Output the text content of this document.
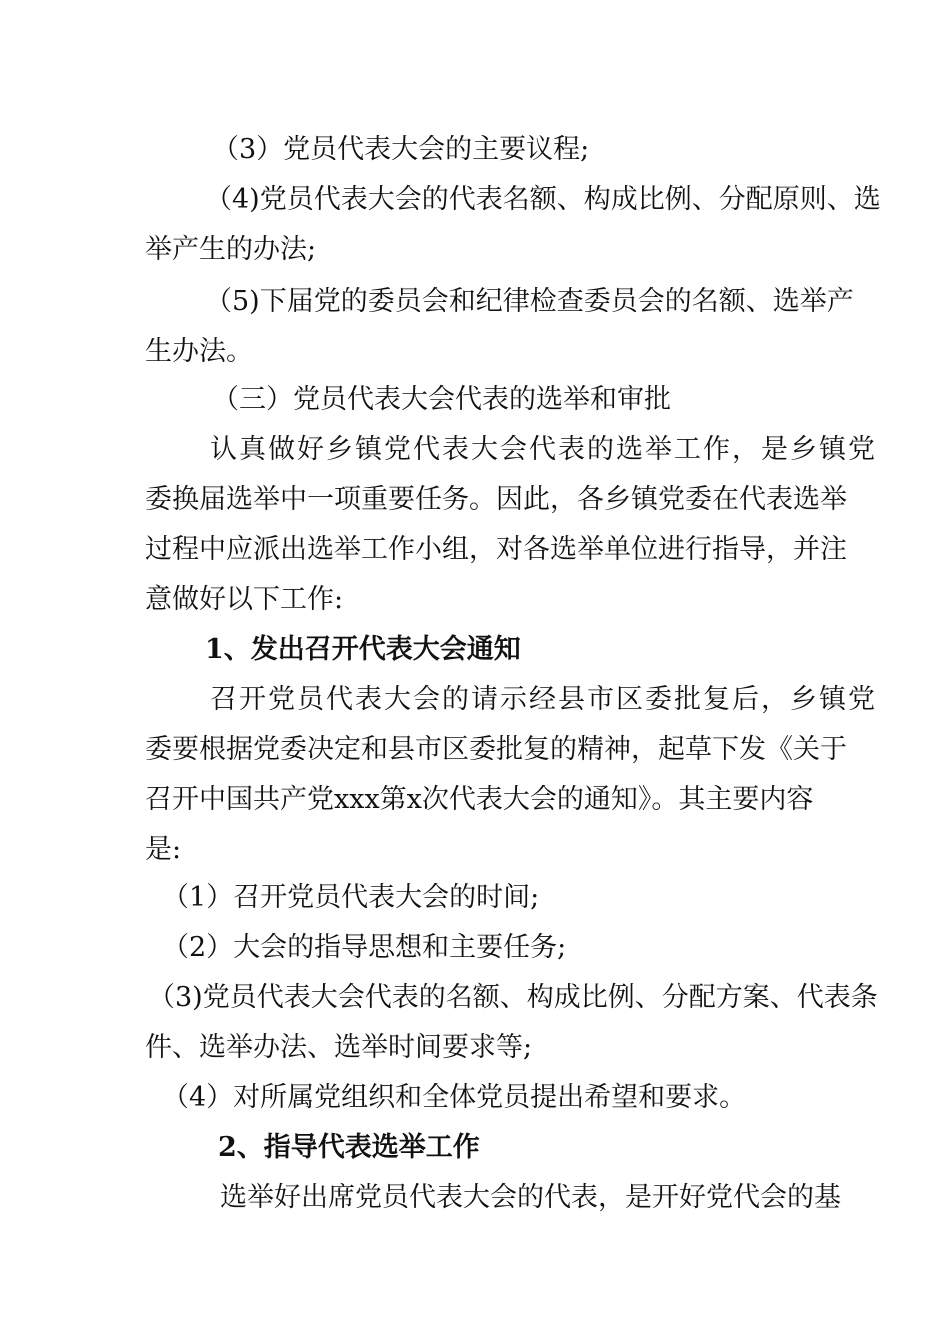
（3）党员代表大会的主要议程;
（4)党员代表大会的代表名额、构成比例、分配原则、选
举产生的办法;
（5)下届党的委员会和纪律检查委员会的名额、选举产
生办法。
（三）党员代表大会代表的选举和审批
认真做好乡镇党代表大会代表的选举工作，是乡镇党
委换届选举中一项重要任务。因此，各乡镇党委在代表选举
过程中应派出选举工作小组，对各选举单位进行指导，并注
意做好以下工作:
1、发出召开代表大会通知
召开党员代表大会的请示经县市区委批复后，乡镇党
委要根据党委决定和县市区委批复的精神，起草下发《关于
召开中国共产党xxx第x次代表大会的通知》。其主要内容
是:
（1）召开党员代表大会的时间;
（2）大会的指导思想和主要任务;
（3)党员代表大会代表的名额、构成比例、分配方案、代表条
件、选举办法、选举时间要求等;
（4）对所属党组织和全体党员提出希望和要求。
2、指导代表选举工作
选举好出席党员代表大会的代表，是开好党代会的基
